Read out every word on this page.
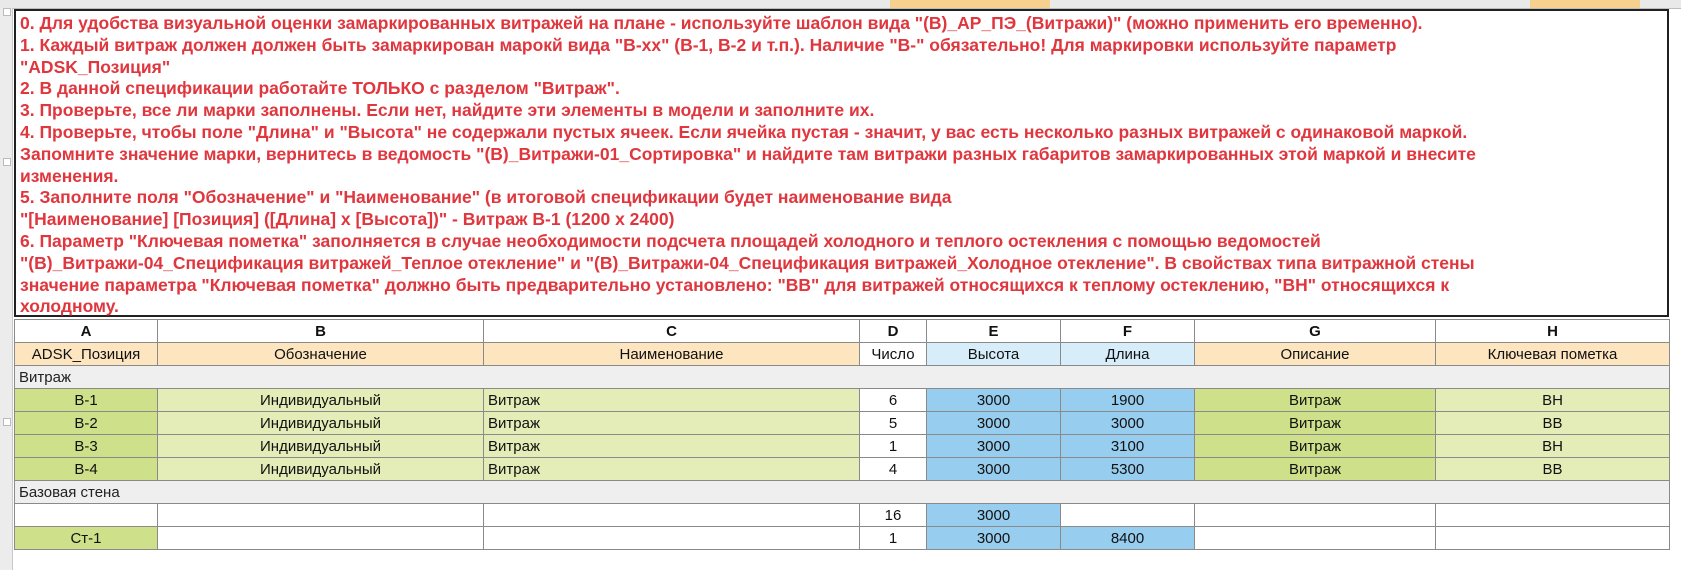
0. Для удобства визуальной оценки замаркированных витражей на плане - используйте шаблон вида "(В)_АР_ПЭ_(Витражи)" (можно применить его временно).

1. Каждый витраж должен должен быть замаркирован марокй вида "В-хх" (В-1, В-2 и т.п.). Наличие "В-" обязательно! Для маркировки используйте параметр

"ADSK_Позиция"

2. В данной спецификации работайте ТОЛЬКО с разделом "Витраж".

3. Проверьте, все ли марки заполнены. Если нет, найдите эти элементы в модели и заполните их.

4. Проверьте, чтобы поле "Длина" и "Высота" не содержали пустых ячеек. Если ячейка пустая - значит, у вас есть несколько разных витражей с одинаковой маркой.

Запомните значение марки, вернитесь в ведомость "(В)_Витражи-01_Сортировка" и найдите там витражи разных габаритов замаркированных этой маркой и внесите

изменения.

5. Заполните поля "Обозначение" и "Наименование" (в итоговой спецификации будет наименование вида

"[Наименование] [Позиция] ([Длина] х [Высота])" - Витраж В-1 (1200 х 2400)

6. Параметр "Ключевая пометка" заполняется в случае необходимости подсчета площадей холодного и теплого остекления с помощью ведомостей

"(В)_Витражи-04_Спецификация витражей_Теплое отекление" и "(В)_Витражи-04_Спецификация витражей_Холодное отекление". В свойствах типа витражной стены

значение параметра "Ключевая пометка" должно быть предварительно установлено: "ВВ" для витражей относящихся к теплому остеклению, "ВН" относящихся к

холодному.

A	B	C	D	E	F	G	H
ADSK_Позиция	Обозначение	Наименование	Число	Высота	Длина	Описание	Ключевая пометка
Витраж							
В-1	Индивидуальный	Витраж	6	3000	1900	Витраж	ВН
В-2	Индивидуальный	Витраж	5	3000	3000	Витраж	ВВ
В-3	Индивидуальный	Витраж	1	3000	3100	Витраж	ВН
В-4	Индивидуальный	Витраж	4	3000	5300	Витраж	ВВ
Базовая стена							
			16	3000			
Ст-1			1	3000	8400		
